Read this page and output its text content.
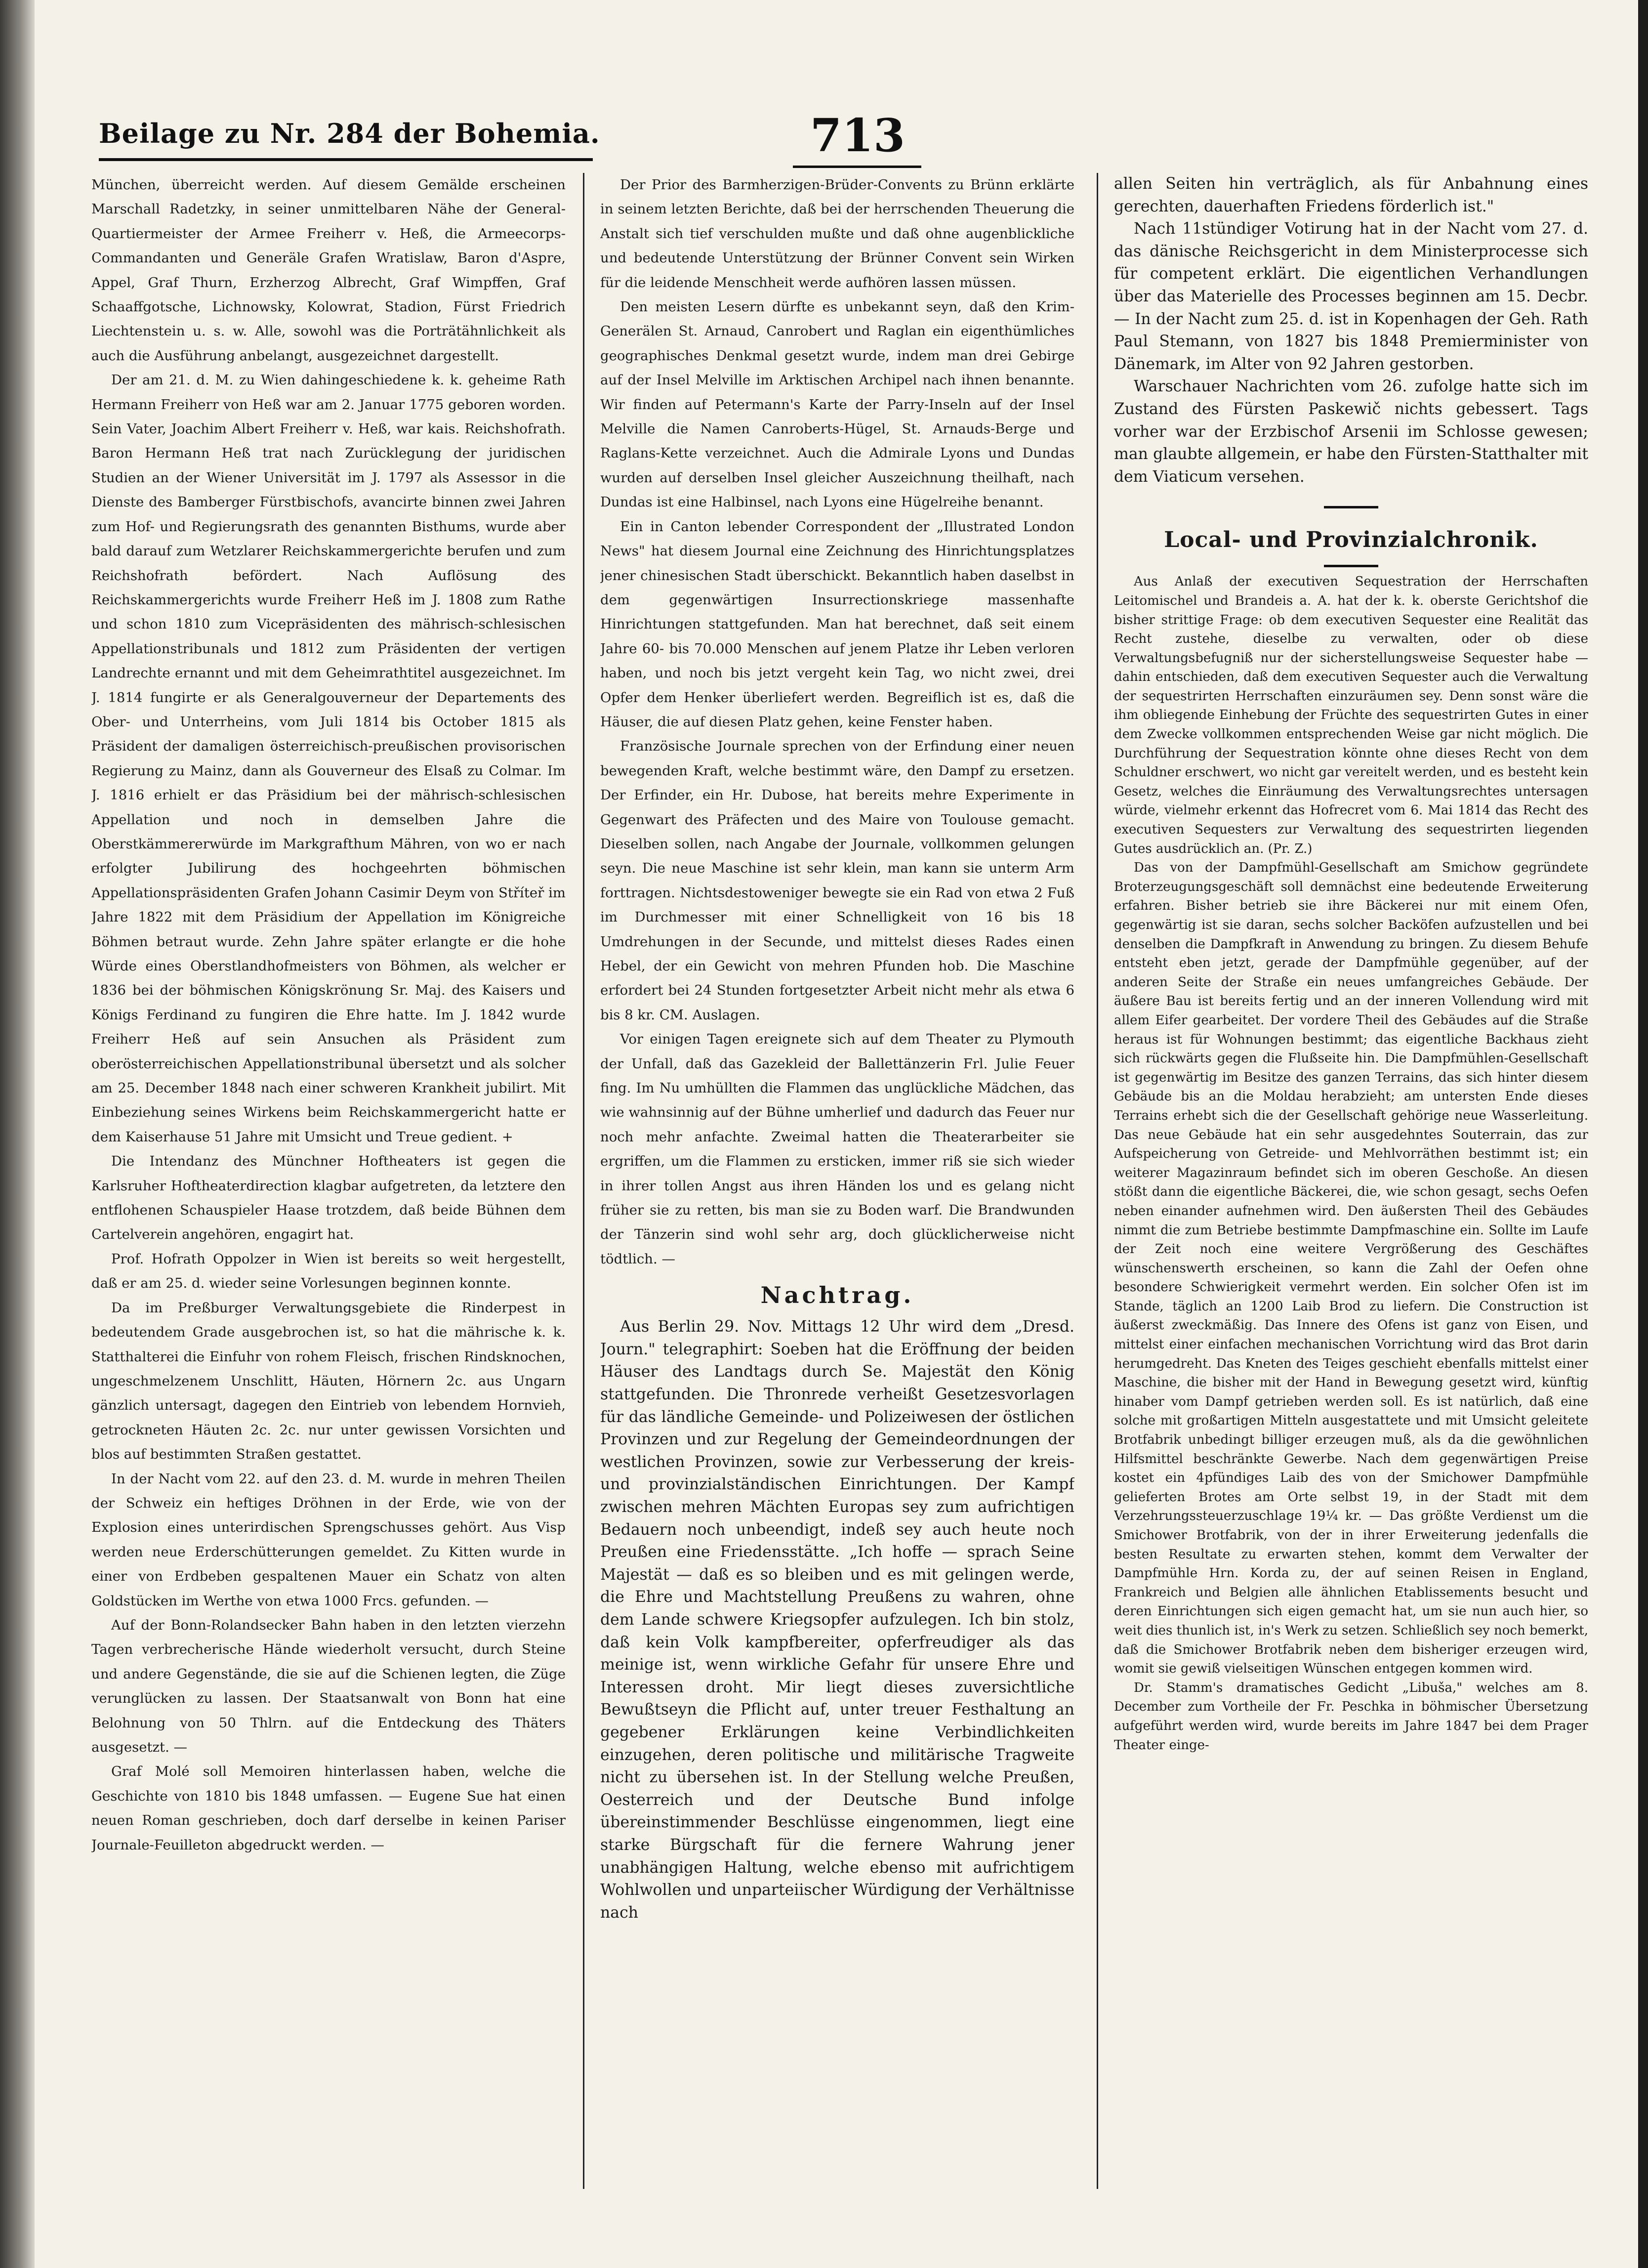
Beilage zu Nr. 284 der Bohemia.	713

München, überreicht werden. Auf diesem Gemälde erscheinen Marschall Radetzky, in seiner unmittelbaren Nähe der General-Quartiermeister der Armee Freiherr v. Heß, die Armeecorps-Commandanten und Generäle Grafen Wratislaw, Baron d'Aspre, Appel, Graf Thurn, Erzherzog Albrecht, Graf Wimpffen, Graf Schaaffgotsche, Lichnowsky, Kolowrat, Stadion, Fürst Friedrich Liechtenstein u. s. w. Alle, sowohl was die Porträtähnlichkeit als auch die Ausführung anbelangt, ausgezeichnet dargestellt.

Der am 21. d. M. zu Wien dahingeschiedene k. k. geheime Rath Hermann Freiherr von Heß war am 2. Januar 1775 geboren worden. Sein Vater, Joachim Albert Freiherr v. Heß, war kais. Reichshofrath. Baron Hermann Heß trat nach Zurücklegung der juridischen Studien an der Wiener Universität im J. 1797 als Assessor in die Dienste des Bamberger Fürstbischofs, avancirte binnen zwei Jahren zum Hof- und Regierungsrath des genannten Bisthums, wurde aber bald darauf zum Wetzlarer Reichskammergerichte berufen und zum Reichshofrath befördert. Nach Auflösung des Reichskammergerichts wurde Freiherr Heß im J. 1808 zum Rathe und schon 1810 zum Vicepräsidenten des mährisch-schlesischen Appellationstribunals und 1812 zum Präsidenten der vertigen Landrechte ernannt und mit dem Geheimrathtitel ausgezeichnet. Im J. 1814 fungirte er als Generalgouverneur der Departements des Ober- und Unterrheins, vom Juli 1814 bis October 1815 als Präsident der damaligen österreichisch-preußischen provisorischen Regierung zu Mainz, dann als Gouverneur des Elsaß zu Colmar. Im J. 1816 erhielt er das Präsidium bei der mährisch-schlesischen Appellation und noch in demselben Jahre die Oberstkämmererwürde im Markgrafthum Mähren, von wo er nach erfolgter Jubilirung des hochgeehrten böhmischen Appellationspräsidenten Grafen Johann Casimir Deym von Stříteř im Jahre 1822 mit dem Präsidium der Appellation im Königreiche Böhmen betraut wurde. Zehn Jahre später erlangte er die hohe Würde eines Oberstlandhofmeisters von Böhmen, als welcher er 1836 bei der böhmischen Königskrönung Sr. Maj. des Kaisers und Königs Ferdinand zu fungiren die Ehre hatte. Im J. 1842 wurde Freiherr Heß auf sein Ansuchen als Präsident zum oberösterreichischen Appellationstribunal übersetzt und als solcher am 25. December 1848 nach einer schweren Krankheit jubilirt. Mit Einbeziehung seines Wirkens beim Reichskammergericht hatte er dem Kaiserhause 51 Jahre mit Umsicht und Treue gedient. +

Die Intendanz des Münchner Hoftheaters ist gegen die Karlsruher Hoftheaterdirection klagbar aufgetreten, da letztere den entflohenen Schauspieler Haase trotzdem, daß beide Bühnen dem Cartelverein angehören, engagirt hat.

Prof. Hofrath Oppolzer in Wien ist bereits so weit hergestellt, daß er am 25. d. wieder seine Vorlesungen beginnen konnte.

Da im Preßburger Verwaltungsgebiete die Rinderpest in bedeutendem Grade ausgebrochen ist, so hat die mährische k. k. Statthalterei die Einfuhr von rohem Fleisch, frischen Rindsknochen, ungeschmelzenem Unschlitt, Häuten, Hörnern 2c. aus Ungarn gänzlich untersagt, dagegen den Eintrieb von lebendem Hornvieh, getrockneten Häuten 2c. 2c. nur unter gewissen Vorsichten und blos auf bestimmten Straßen gestattet.

In der Nacht vom 22. auf den 23. d. M. wurde in mehren Theilen der Schweiz ein heftiges Dröhnen in der Erde, wie von der Explosion eines unterirdischen Sprengschusses gehört. Aus Visp werden neue Erderschütterungen gemeldet. Zu Kitten wurde in einer von Erdbeben gespaltenen Mauer ein Schatz von alten Goldstücken im Werthe von etwa 1000 Frcs. gefunden. —

Auf der Bonn-Rolandsecker Bahn haben in den letzten vierzehn Tagen verbrecherische Hände wiederholt versucht, durch Steine und andere Gegenstände, die sie auf die Schienen legten, die Züge verunglücken zu lassen. Der Staatsanwalt von Bonn hat eine Belohnung von 50 Thlrn. auf die Entdeckung des Thäters ausgesetzt. —

Graf Molé soll Memoiren hinterlassen haben, welche die Geschichte von 1810 bis 1848 umfassen. — Eugene Sue hat einen neuen Roman geschrieben, doch darf derselbe in keinen Pariser Journale-Feuilleton abgedruckt werden. —

Der Prior des Barmherzigen-Brüder-Convents zu Brünn erklärte in seinem letzten Berichte, daß bei der herrschenden Theuerung die Anstalt sich tief verschulden mußte und daß ohne augenblickliche und bedeutende Unterstützung der Brünner Convent sein Wirken für die leidende Menschheit werde aufhören lassen müssen.

Den meisten Lesern dürfte es unbekannt seyn, daß den Krim-Generälen St. Arnaud, Canrobert und Raglan ein eigenthümliches geographisches Denkmal gesetzt wurde, indem man drei Gebirge auf der Insel Melville im Arktischen Archipel nach ihnen benannte. Wir finden auf Petermann's Karte der Parry-Inseln auf der Insel Melville die Namen Canroberts-Hügel, St. Arnauds-Berge und Raglans-Kette verzeichnet. Auch die Admirale Lyons und Dundas wurden auf derselben Insel gleicher Auszeichnung theilhaft, nach Dundas ist eine Halbinsel, nach Lyons eine Hügelreihe benannt.

Ein in Canton lebender Correspondent der „Illustrated London News" hat diesem Journal eine Zeichnung des Hinrichtungsplatzes jener chinesischen Stadt überschickt. Bekanntlich haben daselbst in dem gegenwärtigen Insurrectionskriege massenhafte Hinrichtungen stattgefunden. Man hat berechnet, daß seit einem Jahre 60- bis 70.000 Menschen auf jenem Platze ihr Leben verloren haben, und noch bis jetzt vergeht kein Tag, wo nicht zwei, drei Opfer dem Henker überliefert werden. Begreiflich ist es, daß die Häuser, die auf diesen Platz gehen, keine Fenster haben.

Französische Journale sprechen von der Erfindung einer neuen bewegenden Kraft, welche bestimmt wäre, den Dampf zu ersetzen. Der Erfinder, ein Hr. Dubose, hat bereits mehre Experimente in Gegenwart des Präfecten und des Maire von Toulouse gemacht. Dieselben sollen, nach Angabe der Journale, vollkommen gelungen seyn. Die neue Maschine ist sehr klein, man kann sie unterm Arm forttragen. Nichtsdestoweniger bewegte sie ein Rad von etwa 2 Fuß im Durchmesser mit einer Schnelligkeit von 16 bis 18 Umdrehungen in der Secunde, und mittelst dieses Rades einen Hebel, der ein Gewicht von mehren Pfunden hob. Die Maschine erfordert bei 24 Stunden fortgesetzter Arbeit nicht mehr als etwa 6 bis 8 kr. CM. Auslagen.

Vor einigen Tagen ereignete sich auf dem Theater zu Plymouth der Unfall, daß das Gazekleid der Ballettänzerin Frl. Julie Feuer fing. Im Nu umhüllten die Flammen das unglückliche Mädchen, das wie wahnsinnig auf der Bühne umherlief und dadurch das Feuer nur noch mehr anfachte. Zweimal hatten die Theaterarbeiter sie ergriffen, um die Flammen zu ersticken, immer riß sie sich wieder in ihrer tollen Angst aus ihren Händen los und es gelang nicht früher sie zu retten, bis man sie zu Boden warf. Die Brandwunden der Tänzerin sind wohl sehr arg, doch glücklicherweise nicht tödtlich. —

Nachtrag.

Aus Berlin 29. Nov. Mittags 12 Uhr wird dem „Dresd. Journ." telegraphirt: Soeben hat die Eröffnung der beiden Häuser des Landtags durch Se. Majestät den König stattgefunden. Die Thronrede verheißt Gesetzesvorlagen für das ländliche Gemeinde- und Polizeiwesen der östlichen Provinzen und zur Regelung der Gemeindeordnungen der westlichen Provinzen, sowie zur Verbesserung der kreis- und provinzialständischen Einrichtungen. Der Kampf zwischen mehren Mächten Europas sey zum aufrichtigen Bedauern noch unbeendigt, indeß sey auch heute noch Preußen eine Friedensstätte. „Ich hoffe — sprach Seine Majestät — daß es so bleiben und es mit gelingen werde, die Ehre und Machtstellung Preußens zu wahren, ohne dem Lande schwere Kriegsopfer aufzulegen. Ich bin stolz, daß kein Volk kampfbereiter, opferfreudiger als das meinige ist, wenn wirkliche Gefahr für unsere Ehre und Interessen droht. Mir liegt dieses zuversichtliche Bewußtseyn die Pflicht auf, unter treuer Festhaltung an gegebener Erklärungen keine Verbindlichkeiten einzugehen, deren politische und militärische Tragweite nicht zu übersehen ist. In der Stellung welche Preußen, Oesterreich und der Deutsche Bund infolge übereinstimmender Beschlüsse eingenommen, liegt eine starke Bürgschaft für die fernere Wahrung jener unabhängigen Haltung, welche ebenso mit aufrichtigem Wohlwollen und unparteiischer Würdigung der Verhältnisse nach

allen Seiten hin verträglich, als für Anbahnung eines gerechten, dauerhaften Friedens förderlich ist."

Nach 11stündiger Votirung hat in der Nacht vom 27. d. das dänische Reichsgericht in dem Ministerprocesse sich für competent erklärt. Die eigentlichen Verhandlungen über das Materielle des Processes beginnen am 15. Decbr. — In der Nacht zum 25. d. ist in Kopenhagen der Geh. Rath Paul Stemann, von 1827 bis 1848 Premierminister von Dänemark, im Alter von 92 Jahren gestorben.

Warschauer Nachrichten vom 26. zufolge hatte sich im Zustand des Fürsten Paskewič nichts gebessert. Tags vorher war der Erzbischof Arsenii im Schlosse gewesen; man glaubte allgemein, er habe den Fürsten-Statthalter mit dem Viaticum versehen.

Local- und Provinzialchronik.

Aus Anlaß der executiven Sequestration der Herrschaften Leitomischel und Brandeis a. A. hat der k. k. oberste Gerichtshof die bisher strittige Frage: ob dem executiven Sequester eine Realität das Recht zustehe, dieselbe zu verwalten, oder ob diese Verwaltungsbefugniß nur der sicherstellungsweise Sequester habe — dahin entschieden, daß dem executiven Sequester auch die Verwaltung der sequestrirten Herrschaften einzuräumen sey. Denn sonst wäre die ihm obliegende Einhebung der Früchte des sequestrirten Gutes in einer dem Zwecke vollkommen entsprechenden Weise gar nicht möglich. Die Durchführung der Sequestration könnte ohne dieses Recht von dem Schuldner erschwert, wo nicht gar vereitelt werden, und es besteht kein Gesetz, welches die Einräumung des Verwaltungsrechtes untersagen würde, vielmehr erkennt das Hofrecret vom 6. Mai 1814 das Recht des executiven Sequesters zur Verwaltung des sequestrirten liegenden Gutes ausdrücklich an. (Pr. Z.)

Das von der Dampfmühl-Gesellschaft am Smichow gegründete Broterzeugungsgeschäft soll demnächst eine bedeutende Erweiterung erfahren. Bisher betrieb sie ihre Bäckerei nur mit einem Ofen, gegenwärtig ist sie daran, sechs solcher Backöfen aufzustellen und bei denselben die Dampfkraft in Anwendung zu bringen. Zu diesem Behufe entsteht eben jetzt, gerade der Dampfmühle gegenüber, auf der anderen Seite der Straße ein neues umfangreiches Gebäude. Der äußere Bau ist bereits fertig und an der inneren Vollendung wird mit allem Eifer gearbeitet. Der vordere Theil des Gebäudes auf die Straße heraus ist für Wohnungen bestimmt; das eigentliche Backhaus zieht sich rückwärts gegen die Flußseite hin. Die Dampfmühlen-Gesellschaft ist gegenwärtig im Besitze des ganzen Terrains, das sich hinter diesem Gebäude bis an die Moldau herabzieht; am untersten Ende dieses Terrains erhebt sich die der Gesellschaft gehörige neue Wasserleitung. Das neue Gebäude hat ein sehr ausgedehntes Souterrain, das zur Aufspeicherung von Getreide- und Mehlvorräthen bestimmt ist; ein weiterer Magazinraum befindet sich im oberen Geschoße. An diesen stößt dann die eigentliche Bäckerei, die, wie schon gesagt, sechs Oefen neben einander aufnehmen wird. Den äußersten Theil des Gebäudes nimmt die zum Betriebe bestimmte Dampfmaschine ein. Sollte im Laufe der Zeit noch eine weitere Vergrößerung des Geschäftes wünschenswerth erscheinen, so kann die Zahl der Oefen ohne besondere Schwierigkeit vermehrt werden. Ein solcher Ofen ist im Stande, täglich an 1200 Laib Brod zu liefern. Die Construction ist äußerst zweckmäßig. Das Innere des Ofens ist ganz von Eisen, und mittelst einer einfachen mechanischen Vorrichtung wird das Brot darin herumgedreht. Das Kneten des Teiges geschieht ebenfalls mittelst einer Maschine, die bisher mit der Hand in Bewegung gesetzt wird, künftig hinaber vom Dampf getrieben werden soll. Es ist natürlich, daß eine solche mit großartigen Mitteln ausgestattete und mit Umsicht geleitete Brotfabrik unbedingt billiger erzeugen muß, als da die gewöhnlichen Hilfsmittel beschränkte Gewerbe. Nach dem gegenwärtigen Preise kostet ein 4pfündiges Laib des von der Smichower Dampfmühle gelieferten Brotes am Orte selbst 19, in der Stadt mit dem Verzehrungssteuerzuschlage 19¼ kr. — Das größte Verdienst um die Smichower Brotfabrik, von der in ihrer Erweiterung jedenfalls die besten Resultate zu erwarten stehen, kommt dem Verwalter der Dampfmühle Hrn. Korda zu, der auf seinen Reisen in England, Frankreich und Belgien alle ähnlichen Etablissements besucht und deren Einrichtungen sich eigen gemacht hat, um sie nun auch hier, so weit dies thunlich ist, in's Werk zu setzen. Schließlich sey noch bemerkt, daß die Smichower Brotfabrik neben dem bisheriger erzeugen wird, womit sie gewiß vielseitigen Wünschen entgegen kommen wird.

Dr. Stamm's dramatisches Gedicht „Libuša," welches am 8. December zum Vortheile der Fr. Peschka in böhmischer Übersetzung aufgeführt werden wird, wurde bereits im Jahre 1847 bei dem Prager Theater einge-
